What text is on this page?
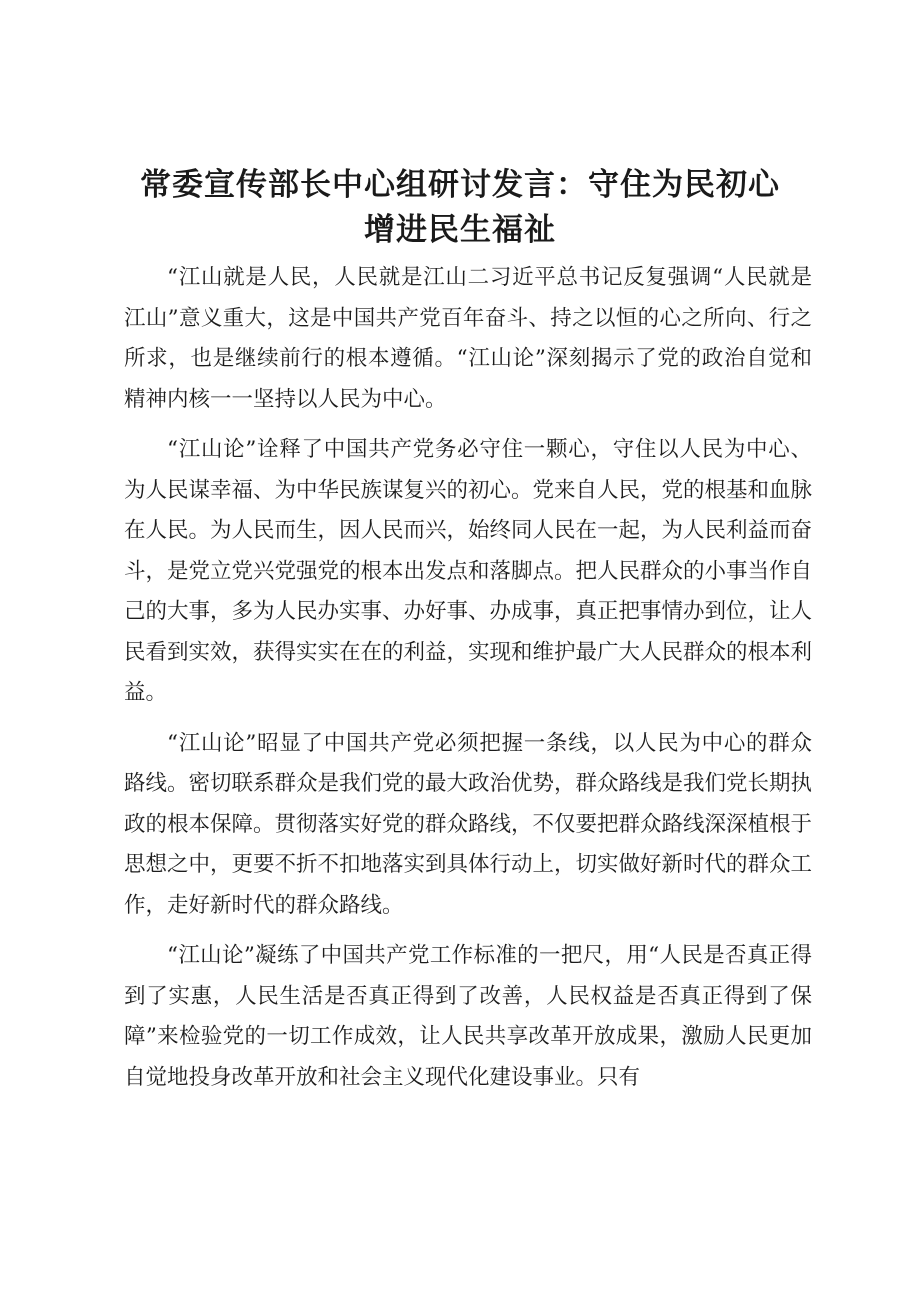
常委宣传部长中心组研讨发言：守住为民初心
增进民生福祉

“江山就是人民，人民就是江山二习近平总书记反复强调“人民就是江山”意义重大，这是中国共产党百年奋斗、持之以恒的心之所向、行之所求，也是继续前行的根本遵循。“江山论”深刻揭示了党的政治自觉和精神内核一一坚持以人民为中心。

“江山论”诠释了中国共产党务必守住一颗心，守住以人民为中心、为人民谋幸福、为中华民族谋复兴的初心。党来自人民，党的根基和血脉在人民。为人民而生，因人民而兴，始终同人民在一起，为人民利益而奋斗，是党立党兴党强党的根本出发点和落脚点。把人民群众的小事当作自己的大事，多为人民办实事、办好事、办成事，真正把事情办到位，让人民看到实效，获得实实在在的利益，实现和维护最广大人民群众的根本利益。

“江山论”昭显了中国共产党必须把握一条线，以人民为中心的群众路线。密切联系群众是我们党的最大政治优势，群众路线是我们党长期执政的根本保障。贯彻落实好党的群众路线，不仅要把群众路线深深植根于思想之中，更要不折不扣地落实到具体行动上，切实做好新时代的群众工作，走好新时代的群众路线。

“江山论”凝练了中国共产党工作标准的一把尺，用“人民是否真正得到了实惠，人民生活是否真正得到了改善，人民权益是否真正得到了保障”来检验党的一切工作成效，让人民共享改革开放成果，激励人民更加自觉地投身改革开放和社会主义现代化建设事业。只有
